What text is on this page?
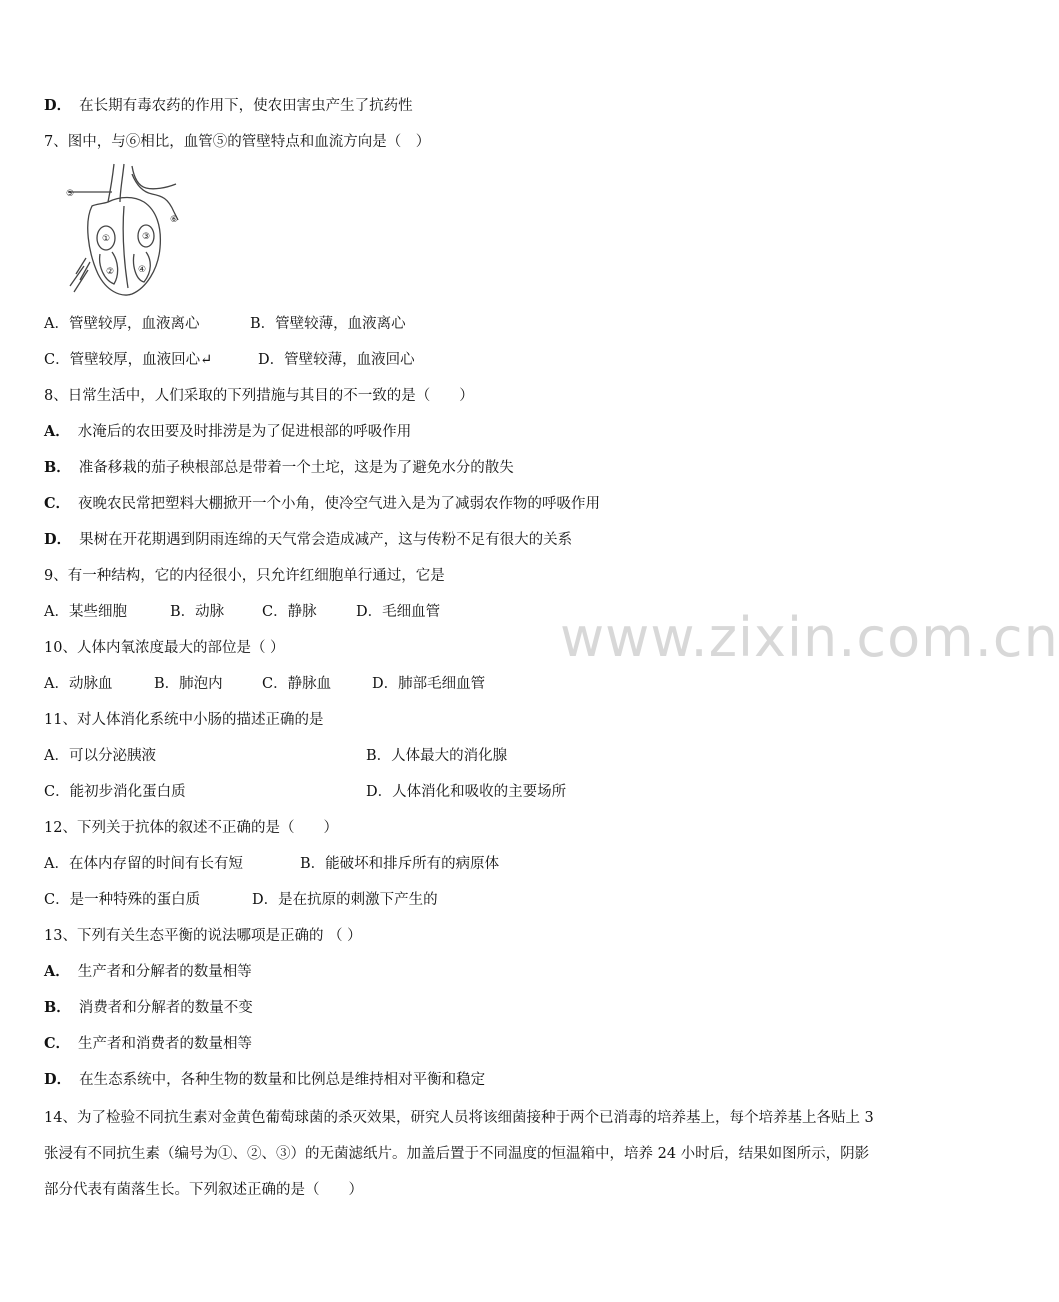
D． 在长期有毒农药的作用下，使农田害虫产生了抗药性
7、图中，与⑥相比，血管⑤的管壁特点和血流方向是（　）
⑤
⑥
①
②
③
④
A．管壁较厚，血液离心	B．管壁较薄，血液离心
C．管壁较厚，血液回心↵	D．管壁较薄，血液回心
8、日常生活中，人们采取的下列措施与其目的不一致的是（　　）
A． 水淹后的农田要及时排涝是为了促进根部的呼吸作用
B． 准备移栽的茄子秧根部总是带着一个土坨，这是为了避免水分的散失
C． 夜晚农民常把塑料大棚掀开一个小角，使冷空气进入是为了减弱农作物的呼吸作用
D． 果树在开花期遇到阴雨连绵的天气常会造成减产，这与传粉不足有很大的关系
9、有一种结构，它的内径很小，只允许红细胞单行通过，它是
A．某些细胞	B．动脉	C．静脉	D．毛细血管 www.zixin.com.cn
10、人体内氧浓度最大的部位是（ ）
A．动脉血	B．肺泡内	C．静脉血	D．肺部毛细血管
11、对人体消化系统中小肠的描述正确的是
A．可以分泌胰液	B．人体最大的消化腺
C．能初步消化蛋白质	D．人体消化和吸收的主要场所
12、下列关于抗体的叙述不正确的是（　　）
A．在体内存留的时间有长有短	B．能破坏和排斥所有的病原体
C．是一种特殊的蛋白质	D．是在抗原的刺激下产生的
13、下列有关生态平衡的说法哪项是正确的 （ ）
A． 生产者和分解者的数量相等
B． 消费者和分解者的数量不变
C． 生产者和消费者的数量相等
D． 在生态系统中，各种生物的数量和比例总是维持相对平衡和稳定
14、为了检验不同抗生素对金黄色葡萄球菌的杀灭效果，研究人员将该细菌接种于两个已消毒的培养基上，每个培养基上各贴上 3 张浸有不同抗生素（编号为①、②、③）的无菌滤纸片。加盖后置于不同温度的恒温箱中，培养 24 小时后，结果如图所示，阴影部分代表有菌落生长。下列叙述正确的是（　　）
